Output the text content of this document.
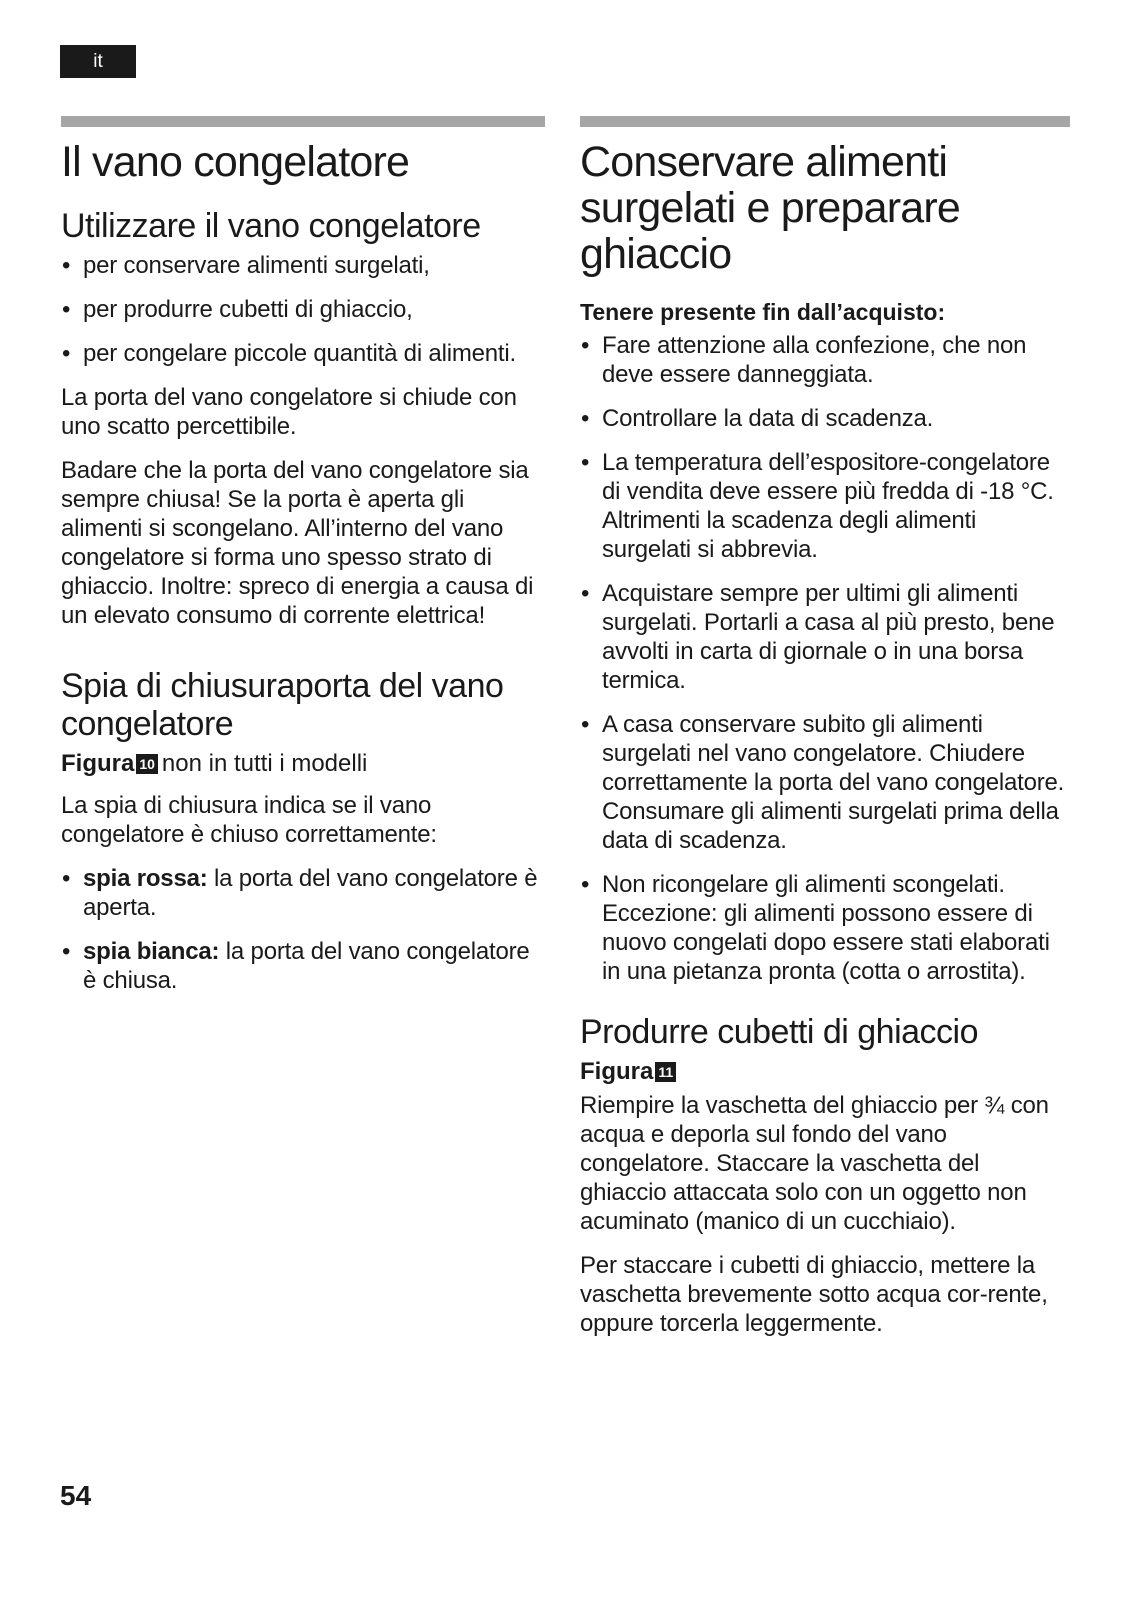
it
Il vano congelatore
Utilizzare il vano congelatore
• per conservare alimenti surgelati,
• per produrre cubetti di ghiaccio,
• per congelare piccole quantità di alimenti.

La porta del vano congelatore si chiude con uno scatto percettibile.

Badare che la porta del vano congelatore sia sempre chiusa! Se la porta è aperta gli alimenti si scongelano. All’interno del vano congelatore si forma uno spesso strato di ghiaccio. Inoltre: spreco di energia a causa di un elevato consumo di corrente elettrica!

Spia di chiusuraporta del vano congelatore
Figura 10 non in tutti i modelli

La spia di chiusura indica se il vano congelatore è chiuso correttamente:

• spia rossa: la porta del vano congelatore è aperta.
• spia bianca: la porta del vano congelatore è chiusa.
Conservare alimenti surgelati e preparare ghiaccio
Tenere presente fin dall’acquisto:
• Fare attenzione alla confezione, che non deve essere danneggiata.
• Controllare la data di scadenza.
• La temperatura dell’espositore-congelatore di vendita deve essere più fredda di -18 °C. Altrimenti la scadenza degli alimenti surgelati si abbrevia.
• Acquistare sempre per ultimi gli alimenti surgelati. Portarli a casa al più presto, bene avvolti in carta di giornale o in una borsa termica.
• A casa conservare subito gli alimenti surgelati nel vano congelatore. Chiudere correttamente la porta del vano congelatore. Consumare gli alimenti surgelati prima della data di scadenza.
• Non ricongelare gli alimenti scongelati. Eccezione: gli alimenti possono essere di nuovo congelati dopo essere stati elaborati in una pietanza pronta (cotta o arrostita).
Produrre cubetti di ghiaccio
Figura 11

Riempire la vaschetta del ghiaccio per ¾ con acqua e deporla sul fondo del vano congelatore. Staccare la vaschetta del ghiaccio attaccata solo con un oggetto non acuminato (manico di un cucchiaio).

Per staccare i cubetti di ghiaccio, mettere la vaschetta brevemente sotto acqua cor-rente, oppure torcerla leggermente.

54
